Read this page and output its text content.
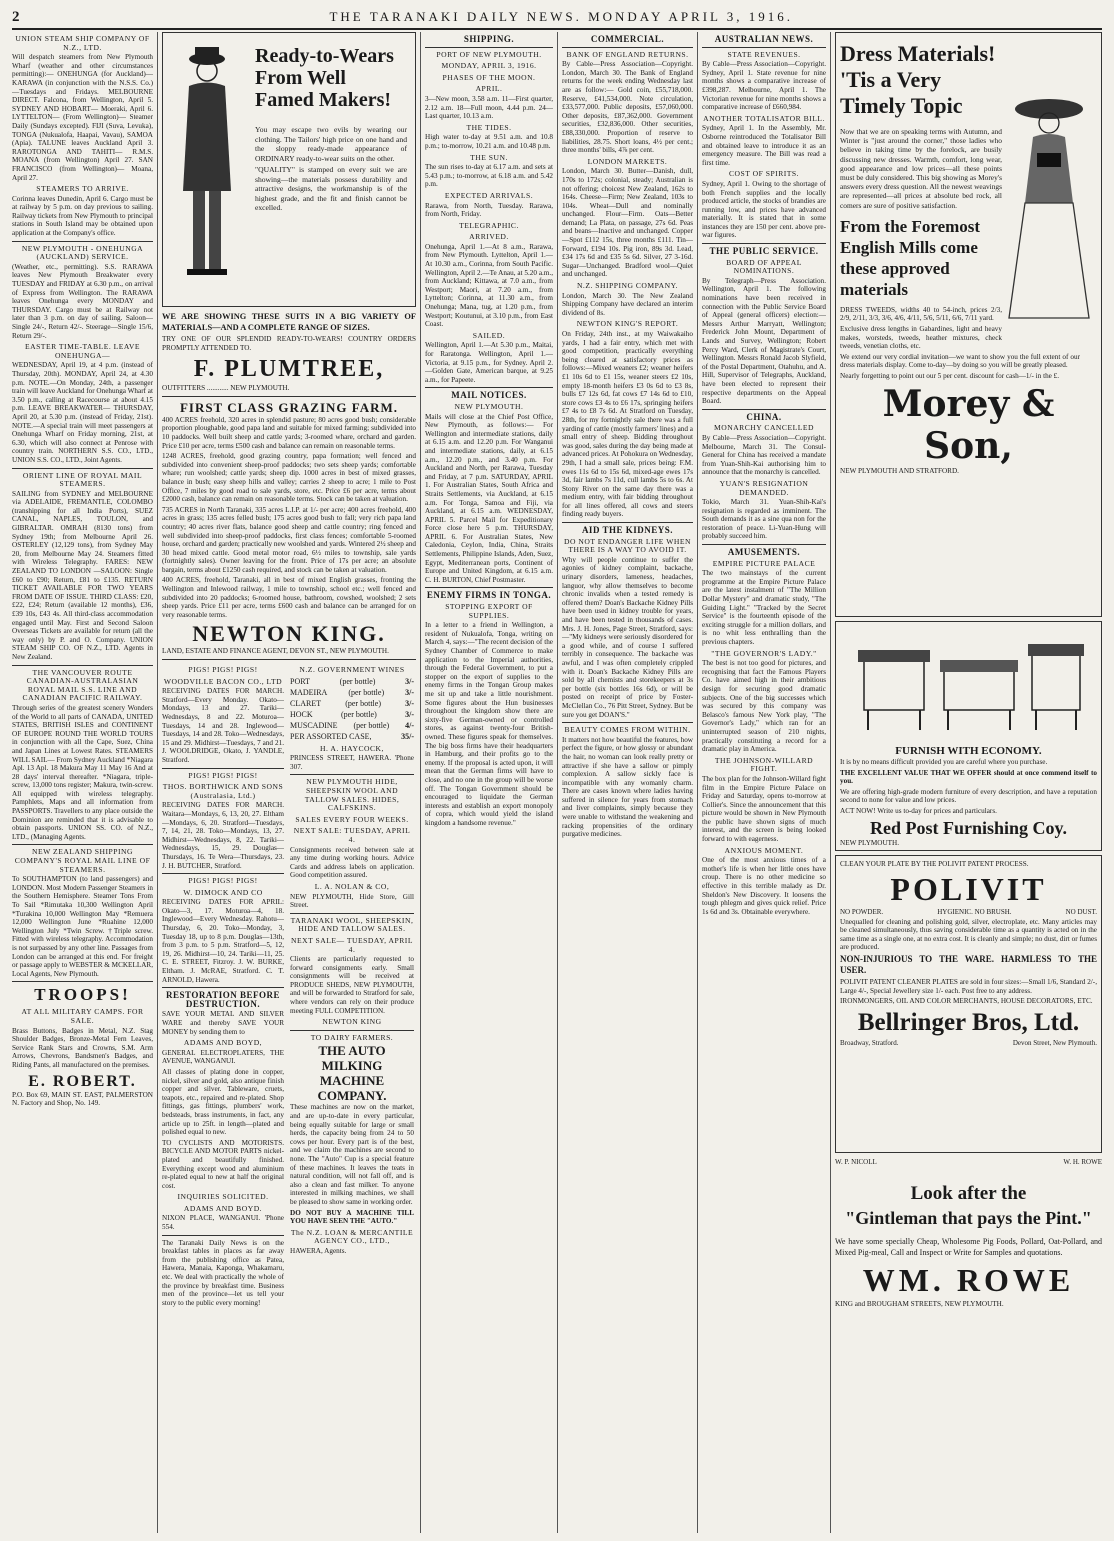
2	THE TARANAKI DAILY NEWS. MONDAY APRIL 3, 1916.
UNION STEAM SHIP COMPANY OF N.Z., LTD.

Will despatch steamers from New Plymouth Wharf (weather and other circumstances permitting):— ONEHUNGA (for Auckland)— KARAWA (in conjunction with the N.S.S. Co.)—Tuesdays and Fridays. MELBOURNE DIRECT. Falcona, from Wellington, April 5. SYDNEY AND HOBART— Moeraki, April 6. LYTTELTON— (From Wellington)— Steamer Daily (Sundays excepted). FIJI (Suva, Levuka), TONGA (Nukualofa, Haapai, Vavau), SAMOA (Apia). TALUNE leaves Auckland April 3. RAROTONGA AND TAHITI— R.M.S. MOANA (from Wellington) April 27. SAN FRANCISCO (from Wellington)— Moana, April 27.

STEAMERS TO ARRIVE.

Corinna leaves Dunedin, April 6. Cargo must be at railway by 5 p.m. on day previous to sailing. Railway tickets from New Plymouth to principal stations in South Island may be obtained upon application at the Company's office.

NEW PLYMOUTH - ONEHUNGA (AUCKLAND) SERVICE.

(Weather, etc., permitting). S.S. RARAWA leaves New Plymouth Breakwater every TUESDAY and FRIDAY at 6.30 p.m., on arrival of Express from Wellington. The RARAWA leaves Onehunga every MONDAY and THURSDAY. Cargo must be at Railway not later than 3 p.m. on day of sailing. Saloon—Single 24/-, Return 42/-. Steerage—Single 15/6, Return 29/-.

EASTER TIME-TABLE. LEAVE ONEHUNGA—

WEDNESDAY, April 19, at 4 p.m. (instead of Thursday, 20th). MONDAY, April 24, at 4.30 p.m. NOTE.—On Monday, 24th, a passenger train will leave Auckland for Onehunga Wharf at 3.50 p.m., calling at Racecourse at about 4.15 p.m. LEAVE BREAKWATER— THURSDAY, April 20, at 5.30 p.m. (instead of Friday, 21st). NOTE.—A special train will meet passengers at Onehunga Wharf on Friday morning, 21st, at 6.30, which will also connect at Penrose with country train. NORTHERN S.S. CO., LTD., UNION S.S. CO., LTD., Joint Agents.

ORIENT LINE OF ROYAL MAIL STEAMERS.

SAILING from SYDNEY and MELBOURNE via ADELAIDE, FREMANTLE, COLOMBO (transhipping for all India Ports), SUEZ CANAL, NAPLES, TOULON, and GIBRALTAR. OMRAH (8130 tons) from Sydney 19th; from Melbourne April 26. OSTERLEY (12,129 tons), from Sydney May 20, from Melbourne May 24. Steamers fitted with Wireless Telegraphy. FARES: NEW ZEALAND TO LONDON —SALOON: Single £60 to £90; Return, £81 to £135. RETURN TICKET AVAILABLE FOR TWO YEARS FROM DATE OF ISSUE. THIRD CLASS: £20, £22, £24; Return (available 12 months), £36, £39 10s, £43 4s. All third-class accommodation engaged until May. First and Second Saloon Overseas Tickets are available for return (all the way only) by P. and O. Company. UNION STEAM SHIP CO. OF N.Z., LTD. Agents in New Zealand.

THE VANCOUVER ROUTE CANADIAN-AUSTRALASIAN ROYAL MAIL S.S. LINE AND CANADIAN PACIFIC RAILWAY.

Through series of the greatest scenery Wonders of the World to all parts of CANADA, UNITED STATES, BRITISH ISLES and CONTINENT OF EUROPE ROUND THE WORLD TOURS in conjunction with all the Cape, Suez, China and Japan Lines at Lowest Rates. STEAMERS WILL SAIL— From Sydney Auckland *Niagara Apl. 13 Apl. 18 Makura May 11 May 16 And at 28 days' interval thereafter. *Niagara, triple-screw, 13,000 tons register; Makura, twin-screw. All equipped with wireless telegraphy. Pamphlets, Maps and all information from PASSPORTS. Travellers to any place outside the Dominion are reminded that it is advisable to obtain passports. UNION SS. CO. of N.Z., LTD., (Managing Agents.

NEW ZEALAND SHIPPING COMPANY'S ROYAL MAIL LINE OF STEAMERS.

To SOUTHAMPTON (to land passengers) and LONDON. Most Modern Passenger Steamers in the Southern Hemisphere. Steamer Tons From To Sail *Rimutaka 10,300 Wellington April *Turakina 10,000 Wellington May *Remuera 12,000 Wellington June *Ruahine 12,000 Wellington July *Twin Screw. †Triple screw. Fitted with wireless telegraphy. Accommodation is not surpassed by any other line. Passages from London can be arranged at this end. For freight or passage apply to WEBSTER & MCKELLAR, Local Agents, New Plymouth.

TROOPS!
AT ALL MILITARY CAMPS. FOR SALE.

Brass Buttons, Badges in Metal, N.Z. Stag Shoulder Badges, Bronze-Metal Fern Leaves, Service Rank Stars and Crowns, S.M. Arm Arrows, Chevrons, Bandsmen's Badges, and Riding Pants, all manufactured on the premises.

E. ROBERT.

P.O. Box 69, MAIN ST. EAST, PALMERSTON N. Factory and Shop, No. 149.

Ready-to-Wears From Well Famed Makers!

You may escape two evils by wearing our clothing. The Tailors' high price on one hand and the sloppy ready-made appearance of ORDINARY ready-to-wear suits on the other.

"QUALITY" is stamped on every suit we are showing—the materials possess durability and attractive designs, the workmanship is of the highest grade, and the fit and finish cannot be excelled.

WE ARE SHOWING THESE SUITS IN A BIG VARIETY OF MATERIALS—AND A COMPLETE RANGE OF SIZES.

TRY ONE OF OUR SPLENDID READY-TO-WEARS! COUNTRY ORDERS PROMPTLY ATTENDED TO.

F. PLUMTREE,

OUTFITTERS ............ NEW PLYMOUTH.

FIRST CLASS GRAZING FARM.

400 ACRES freehold, 320 acres in splendid pasture; 80 acres good bush; considerable proportion ploughable, good papa land and suitable for mixed farming; subdivided into 10 paddocks. Well built sheep and cattle yards; 3-roomed whare, orchard and garden. Price £10 per acre, terms £500 cash and balance can remain on reasonable terms.

1248 ACRES, freehold, good grazing country, papa formation; well fenced and subdivided into convenient sheep-proof paddocks; two sets sheep yards; comfortable whare; run woolshed; cattle yards; sheep dip. 1000 acres in best of mixed grasses, balance in bush; easy sheep hills and valley; carries 2 sheep to acre; 1 mile to Post Office, 7 miles by good road to sale yards, store, etc. Price £6 per acre, terms about £2000 cash, balance can remain on reasonable terms. Stock can be taken at valuation.

735 ACRES in North Taranaki, 335 acres L.I.P. at 1/- per acre; 400 acres freehold, 400 acres in grass; 135 acres felled bush; 175 acres good bush to fall; very rich papa land country; 40 acres river flats, balance good sheep and cattle country; ring fenced and well subdivided into sheep-proof paddocks, first class fences; comfortable 5-roomed house, orchard and garden; practically new woolshed and yards. Wintered 2½ sheep and 30 head mixed cattle. Good metal motor road, 6½ miles to township, sale yards (fortnightly sales). Owner leaving for the front. Price of 17s per acre; an absolute bargain, terms about £1250 cash required, and stock can be taken at valuation.

400 ACRES, freehold, Taranaki, all in best of mixed English grasses, fronting the Wellington and Inlewood railway, 1 mile to township, school etc.; well fenced and subdivided into 20 paddocks; 6-roomed house, bathroom, cowshed, woolshed; 2 sets sheep yards. Price £11 per acre, terms £600 cash and balance can be arranged for on very reasonable terms.

NEWTON KING.

LAND, ESTATE AND FINANCE AGENT, DEVON ST., NEW PLYMOUTH.

PIGS! PIGS! PIGS!
WOODVILLE BACON CO., LTD

RECEIVING DATES FOR MARCH. Stratford—Every Monday. Okato—Mondays, 13 and 27. Tariki—Wednesdays, 8 and 22. Moturoa—Tuesdays, 14 and 28. Inglewood—Tuesdays, 14 and 28. Toko—Wednesdays, 15 and 29. Midhirst—Tuesdays, 7 and 21. J. WOOLDRIDGE, Okato, J. YANDLE, Stratford.

PIGS! PIGS! PIGS!
THOS. BORTHWICK AND SONS (Australasia, Ltd.)

RECEIVING DATES FOR MARCH. Waitara—Mondays, 6, 13, 20, 27. Eltham—Mondays, 6, 20. Stratford—Tuesdays, 7, 14, 21, 28. Toko—Mondays, 13, 27. Midhirst—Wednesdays, 8, 22. Tariki—Wednesdays, 15, 29. Douglas—Thursdays, 16. Te Wera—Thursdays, 23. J. H. BUTCHER, Stratford.

PIGS! PIGS! PIGS!
W. DIMOCK AND CO

RECEIVING DATES FOR APRIL: Okato—3, 17. Moturoa—4, 18. Inglewood—Every Wednesday. Rahotu—Thursday, 6, 20. Toko—Monday, 3, Tuesday 18, up to 8 p.m. Douglas—13th, from 3 p.m. to 5 p.m. Stratford—5, 12, 19, 26. Midhirst—10, 24. Tariki—11, 25. C. E. STREET, Fitzroy. J. W. BURKE, Eltham. J. McRAE, Stratford. C. T. ARNOLD, Hawera.

RESTORATION BEFORE DESTRUCTION.

SAVE YOUR METAL AND SILVER WARE and thereby SAVE YOUR MONEY by sending them to

ADAMS AND BOYD,

GENERAL ELECTROPLATERS, THE AVENUE, WANGANUI.

All classes of plating done in copper, nickel, silver and gold, also antique finish copper and silver. Tableware, cruets, teapots, etc., repaired and re-plated. Shop fittings, gas fittings, plumbers' work, bedsteads, brass instruments, in fact, any article up to 25ft. in length—plated and polished equal to new.

TO CYCLISTS AND MOTORISTS. BICYCLE AND MOTOR PARTS nickel-plated and beautifully finished. Everything except wood and aluminium re-plated equal to new at half the original cost.

INQUIRIES SOLICITED.
ADAMS AND BOYD.

NIXON PLACE, WANGANUI. 'Phone 554.

The Taranaki Daily News is on the breakfast tables in places as far away from the publishing office as Patea, Hawera, Manaia, Kaponga, Whakamaru, etc. We deal with practically the whole of the province by breakfast time. Business men of the province—let us tell your story to the public every morning!

N.Z. GOVERNMENT WINES
PORT	(per bottle)	3/-
MADEIRA	(per bottle)	3/-
CLARET	(per bottle)	3/-
HOCK	(per bottle)	3/-
MUSCADINE (per bottle) 4/-
PER ASSORTED CASE,	35/-
H. A. HAYCOCK,

PRINCESS STREET, HAWERA. 'Phone 307.

NEW PLYMOUTH HIDE, SHEEPSKIN WOOL AND TALLOW SALES. HIDES, CALFSKINS.
SALES EVERY FOUR WEEKS.
NEXT SALE: TUESDAY, APRIL 4.

Consignments received between sale at any time during working hours. Advice Cards and address labels on application. Good competition assured.

L. A. NOLAN & CO,

NEW PLYMOUTH, Hide Store, Gill Street.

TARANAKI WOOL, SHEEPSKIN, HIDE AND TALLOW SALES.
NEXT SALE— TUESDAY, APRIL 4.

Clients are particularly requested to forward consignments early. Small consignments will be received at PRODUCE SHEDS, NEW PLYMOUTH, and will be forwarded to Stratford for sale, where vendors can rely on their produce meeting FULL COMPETITION.

NEWTON KING
TO DAIRY FARMERS.
THE AUTO MILKING MACHINE COMPANY.

These machines are now on the market, and are up-to-date in every particular, being equally suitable for large or small herds, the capacity being from 24 to 50 cows per hour. Every part is of the best, and we claim the machines are second to none. The "Auto" Cup is a special feature of these machines. It leaves the teats in natural condition, will not fall off, and is also a clean and fast milker. To anyone interested in milking machines, we shall be pleased to show same in working order.

DO NOT BUY A MACHINE TILL YOU HAVE SEEN THE "AUTO."

The N.Z. LOAN & MERCANTILE AGENCY CO., LTD.,

HAWERA, Agents.

SHIPPING.
PORT OF NEW PLYMOUTH.
MONDAY, APRIL 3, 1916.
PHASES OF THE MOON.
APRIL.

3—New moon, 3.58 a.m. 11—First quarter, 2.12 a.m. 18—Full moon, 4.44 p.m. 24—Last quarter, 10.13 a.m.

THE TIDES.

High water to-day at 9.51 a.m. and 10.8 p.m.; to-morrow, 10.21 a.m. and 10.48 p.m.

THE SUN.

The sun rises to-day at 6.17 a.m. and sets at 5.43 p.m.; to-morrow, at 6.18 a.m. and 5.42 p.m.

EXPECTED ARRIVALS.

Rarawa, from North, Tuesday. Rarawa, from North, Friday.

TELEGRAPHIC.
ARRIVED.

Onehunga, April 1.—At 8 a.m., Rarawa, from New Plymouth. Lyttelton, April 1.—At 10.30 a.m., Corinna, from South Pacific. Wellington, April 2.—Te Anau, at 5.20 a.m., from Auckland; Kittawa, at 7.0 a.m., from Westport; Maori, at 7.20 a.m., from Lyttelton; Corinna, at 11.30 a.m., from Onehunga; Mana, tug, at 1.20 p.m., from Westport; Koutunui, at 3.10 p.m., from East Coast.

SAILED.

Wellington, April 1.—At 5.30 p.m., Maitai, for Raratonga. Wellington, April 1.—Victoria, at 9.15 p.m., for Sydney. April 2.—Golden Gate, American barque, at 9.25 a.m., for Papeete.

MAIL NOTICES.
NEW PLYMOUTH.

Mails will close at the Chief Post Office, New Plymouth, as follows:— For Wellington and intermediate stations, daily at 6.15 a.m. and 12.20 p.m. For Wanganui and intermediate stations, daily, at 6.15 a.m., 12.20 p.m., and 3.40 p.m. For Auckland and North, per Rarawa, Tuesday and Friday, at 7 p.m. SATURDAY, APRIL 1. For Australian States, South Africa and Straits Settlements, via Auckland, at 6.15 a.m. For Tonga, Samoa and Fiji, via Auckland, at 6.15 a.m. WEDNESDAY, APRIL 5. Parcel Mail for Expeditionary Force close here 5 p.m. THURSDAY, APRIL 6. For Australian States, New Caledonia, Ceylon, India, China, Straits Settlements, Philippine Islands, Aden, Suez, Egypt, Mediterranean ports, Continent of Europe and United Kingdom, at 6.15 a.m. C. H. BURTON, Chief Postmaster.

ENEMY FIRMS IN TONGA.
STOPPING EXPORT OF SUPPLIES.

In a letter to a friend in Wellington, a resident of Nukualofa, Tonga, writing on March 4, says:—"The recent decision of the Sydney Chamber of Commerce to make application to the Imperial authorities, through the Federal Government, to put a stopper on the export of supplies to the enemy firms in the Tongan Group makes me sit up and take a little nourishment. Some figures about the Hun businesses throughout the kingdom show there are sixty-five German-owned or controlled stores, as against twenty-four British-owned. These figures speak for themselves. The big boss firms have their headquarters in Hamburg, and their profits go to the enemy. If the proposal is acted upon, it will mean that the German firms will have to close, and no one in the group will be worse off. The Tongan Government should be encouraged to liquidate the German interests and establish an export monopoly of copra, which would yield the island kingdom a handsome revenue."

COMMERCIAL.
BANK OF ENGLAND RETURNS.

By Cable—Press Association—Copyright. London, March 30. The Bank of England returns for the week ending Wednesday last are as follow:— Gold coin, £55,718,000. Reserve, £41,534,000. Note circulation, £33,577,000. Public deposits, £57,060,000. Other deposits, £87,362,000. Government securities, £32,836,000. Other securities, £88,330,000. Proportion of reserve to liabilities, 28.75. Short loans, 4½ per cent.; three months' bills, 4⅞ per cent.

LONDON MARKETS.

London, March 30. Butter—Danish, dull, 170s to 172s; colonial, steady; Australian is not offering; choicest New Zealand, 162s to 164s. Cheese—Firm; New Zealand, 103s to 104s. Wheat—Dull and nominally unchanged. Flour—Firm. Oats—Better demand; La Plata, on passage, 27s 6d. Peas and beans—Inactive and unchanged. Copper—Spot £112 15s, three months £111. Tin—Forward, £194 10s. Pig iron, 89s 3d. Lead, £34 17s 6d and £35 5s 6d. Silver, 27 3-16d. Sugar—Unchanged. Bradford wool—Quiet and unchanged.

N.Z. SHIPPING COMPANY.

London, March 30. The New Zealand Shipping Company have declared an interim dividend of 8s.

NEWTON KING'S REPORT.

On Friday, 24th inst., at my Waiwakaiho yards, I had a fair entry, which met with good competition, practically everything being cleared at satisfactory prices as follows:—Mixed weaners £2; weaner heifers £1 10s 6d to £1 15s, weaner steers £2 10s, empty 18-month heifers £3 0s 6d to £3 8s, bulls £7 12s 6d, fat cows £7 14s 6d to £10, store cows £3 4s to £6 17s, springing heifers £7 4s to £8 7s 6d. At Stratford on Tuesday, 28th, for my fortnightly sale there was a full yarding of cattle (mostly farmers' lines) and a small entry of sheep. Bidding throughout was good, sales during the day being made at advanced prices. At Pohokura on Wednesday, 29th, I had a small sale, prices being: F.M. ewes 11s 6d to 15s 6d, mixed-age ewes 17s 3d, fair lambs 7s 11d, cull lambs 5s to 6s. At Stony River on the same day there was a medium entry, with fair bidding throughout for all lines offered, all cows and steers finding ready buyers.

AID THE KIDNEYS.
DO NOT ENDANGER LIFE WHEN THERE IS A WAY TO AVOID IT.

Why will people continue to suffer the agonies of kidney complaint, backache, urinary disorders, lameness, headaches, languor, why allow themselves to become chronic invalids when a tested remedy is offered them? Doan's Backache Kidney Pills have been used in kidney trouble for years, and have been tested in thousands of cases. Mrs. J. H. Jones, Page Street, Stratford, says:—"My kidneys were seriously disordered for a good while, and of course I suffered terribly in consequence. The backache was awful, and I was often completely crippled with it. Doan's Backache Kidney Pills are sold by all chemists and storekeepers at 3s per bottle (six bottles 16s 6d), or will be posted on receipt of price by Foster-McClellan Co., 76 Pitt Street, Sydney. But be sure you get DOAN'S."

BEAUTY COMES FROM WITHIN.

It matters not how beautiful the features, how perfect the figure, or how glossy or abundant the hair, no woman can look really pretty or attractive if she have a sallow or pimply complexion. A sallow sickly face is incompatible with any womanly charm. There are cases known where ladies having suffered in silence for years from stomach and liver complaints, simply because they were unable to withstand the weakening and racking propensities of the ordinary purgative medicines.

AUSTRALIAN NEWS.
STATE REVENUES.

By Cable—Press Association—Copyright. Sydney, April 1. State revenue for nine months shows a comparative increase of £398,287. Melbourne, April 1. The Victorian revenue for nine months shows a comparative increase of £660,984.

ANOTHER TOTALISATOR BILL.

Sydney, April 1. In the Assembly, Mr. Osborne reintroduced the Totalisator Bill and obtained leave to introduce it as an emergency measure. The Bill was read a first time.

COST OF SPIRITS.

Sydney, April 1. Owing to the shortage of both French supplies and the locally produced article, the stocks of brandies are running low, and prices have advanced materially. It is stated that in some instances they are 150 per cent. above pre-war figures.

THE PUBLIC SERVICE.
BOARD OF APPEAL NOMINATIONS.

By Telegraph—Press Association. Wellington, April 1. The following nominations have been received in connection with the Public Service Board of Appeal (general officers) election:—Messrs Arthur Marryatt, Wellington; Frederick John Mount, Department of Lands and Survey, Wellington; Robert Percy Ward, Clerk of Magistrate's Court, Wellington. Messrs Ronald Jacob Slyfield, of the Postal Department, Otahuhu, and A. Hill, Supervisor of Telegraphs, Auckland, have been elected to represent their respective departments on the Appeal Board.

CHINA.
MONARCHY CANCELLED

By Cable—Press Association—Copyright. Melbourne, March 31. The Consul-General for China has received a mandate from Yuan-Shih-Kai authorising him to announce that the monarchy is cancelled.

YUAN'S RESIGNATION DEMANDED.

Tokio, March 31. Yuan-Shih-Kai's resignation is regarded as imminent. The South demands it as a sine qua non for the restoration of peace. Li-Yuan-Hung will probably succeed him.

AMUSEMENTS.
EMPIRE PICTURE PALACE

The two mainstays of the current programme at the Empire Picture Palace are the latest instalment of "The Million Dollar Mystery" and dramatic study, "The Guiding Light." "Tracked by the Secret Service" is the fourteenth episode of the exciting struggle for a million dollars, and is no whit less enthralling than the previous chapters.

"THE GOVERNOR'S LADY."

The best is not too good for pictures, and recognising that fact the Famous Players Co. have aimed high in their ambitious design for securing good dramatic subjects. One of the big successes which was secured by this company was Belasco's famous New York play, "The Governor's Lady," which ran for an uninterrupted season of 210 nights, practically constituting a record for a dramatic play in America.

THE JOHNSON-WILLARD FIGHT.

The box plan for the Johnson-Willard fight film in the Empire Picture Palace on Friday and Saturday, opens to-morrow at Collier's. Since the announcement that this picture would be shown in New Plymouth the public have shown signs of much interest, and the screen is being looked forward to with eagerness.

ANXIOUS MOMENT.

One of the most anxious times of a mother's life is when her little ones have croup. There is no other medicine so effective in this terrible malady as Dr. Sheldon's New Discovery. It loosens the tough phlegm and gives quick relief. Price 1s 6d and 3s. Obtainable everywhere.

Dress Materials!
'Tis a Very Timely Topic

Now that we are on speaking terms with Autumn, and Winter is "just around the corner," those ladies who believe in taking time by the forelock, are busily discussing new dresses. Warmth, comfort, long wear, good appearance and low prices—all these points must be duly considered. This big showing as Morey's answers every dress question. All the newest weavings are represented—all prices at absolute bed rock, all comers are sure of positive satisfaction.

From the Foremost English Mills come these approved materials

DRESS TWEEDS, widths 40 to 54-inch, prices 2/3, 2/9, 2/11, 3/3, 3/6, 4/6, 4/11, 5/6, 5/11, 6/6, 7/11 yard.

Exclusive dress lengths in Gabardines, light and heavy makes, worsteds, tweeds, heather mixtures, check tweeds, venetian cloths, etc.

We extend our very cordial invitation—we want to show you the full extent of our dress materials display. Come to-day—by doing so you will be greatly pleased.

Nearly forgetting to point out our 5 per cent. discount for cash—1/- in the £.

Morey & Son,

NEW PLYMOUTH AND STRATFORD.

FURNISH WITH ECONOMY.

It is by no means difficult provided you are careful where you purchase.

THE EXCELLENT VALUE THAT WE OFFER should at once commend itself to you.

We are offering high-grade modern furniture of every description, and have a reputation second to none for value and low prices.

ACT NOW! Write us to-day for prices and particulars.

Red Post Furnishing Coy.

NEW PLYMOUTH.

CLEAN YOUR PLATE BY THE POLIVIT PATENT PROCESS.

POLIVIT
NO POWDER.	HYGIENIC. NO BRUSH.	NO DUST.

Unequalled for cleaning and polishing gold, silver, electroplate, etc. Many articles may be cleaned simultaneously, thus saving considerable time as a quantity is acted on in the same time as a single one, at no extra cost. It is cleanly and simple; no dust, dirt or fumes are produced.

NON-INJURIOUS TO THE WARE. HARMLESS TO THE USER.

POLIVIT PATENT CLEANER PLATES are sold in four sizes:—Small 1/6, Standard 2/-, Large 4/-, Special Jewellery size 1/- each. Post free to any address.

IRONMONGERS, OIL AND COLOR MERCHANTS, HOUSE DECORATORS, ETC.

Bellringer Bros, Ltd.
Broadway, Stratford.	Devon Street, New Plymouth.
W. P. NICOLL	W. H. ROWE
Look after the
"Gintleman that pays the Pint."

We have some specially Cheap, Wholesome Pig Foods, Pollard, Oat-Pollard, and Mixed Pig-meal, Call and Inspect or Write for Samples and quotations.

WM. ROWE

KING and BROUGHAM STREETS, NEW PLYMOUTH.
